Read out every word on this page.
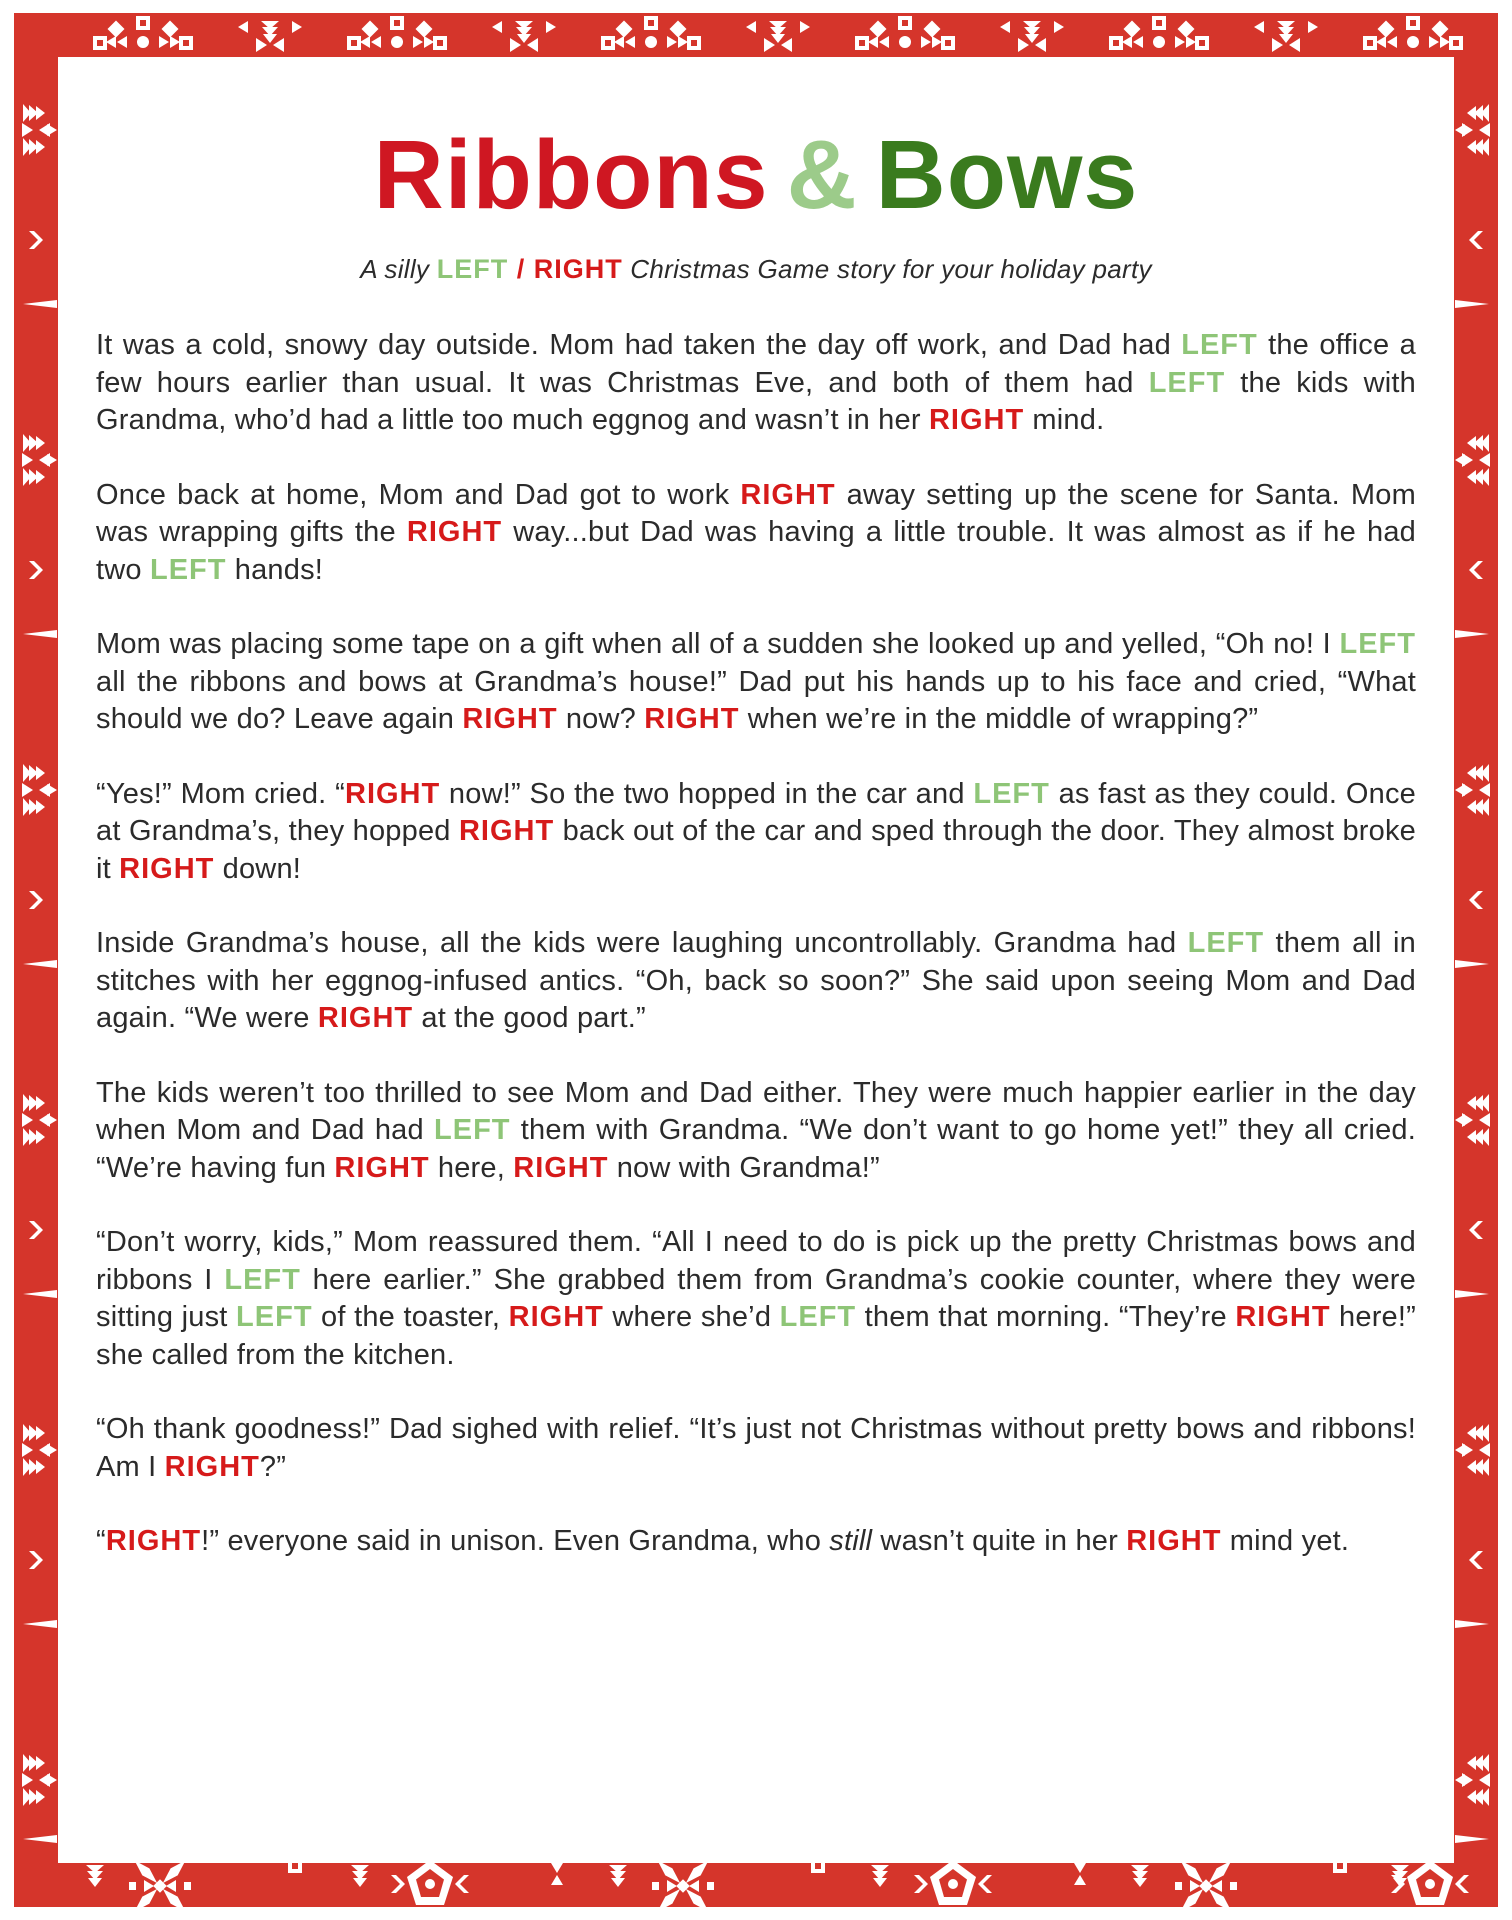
Ribbons & Bows

A silly LEFT / RIGHT Christmas Game story for your holiday party

It was a cold, snowy day outside. Mom had taken the day off work, and Dad had LEFT the office a few hours earlier than usual. It was Christmas Eve, and both of them had LEFT the kids with Grandma, who’d had a little too much eggnog and wasn’t in her RIGHT mind.

Once back at home, Mom and Dad got to work RIGHT away setting up the scene for Santa. Mom was wrapping gifts the RIGHT way...but Dad was having a little trouble. It was almost as if he had two LEFT hands!

Mom was placing some tape on a gift when all of a sudden she looked up and yelled, “Oh no! I LEFT all the ribbons and bows at Grandma’s house!” Dad put his hands up to his face and cried, “What should we do? Leave again RIGHT now? RIGHT when we’re in the middle of wrapping?”

“Yes!” Mom cried. “RIGHT now!” So the two hopped in the car and LEFT as fast as they could. Once at Grandma’s, they hopped RIGHT back out of the car and sped through the door. They almost broke it RIGHT down!

Inside Grandma’s house, all the kids were laughing uncontrollably. Grandma had LEFT them all in stitches with her eggnog-infused antics. “Oh, back so soon?” She said upon seeing Mom and Dad again. “We were RIGHT at the good part.”

The kids weren’t too thrilled to see Mom and Dad either. They were much happier earlier in the day when Mom and Dad had LEFT them with Grandma. “We don’t want to go home yet!” they all cried. “We’re having fun RIGHT here, RIGHT now with Grandma!”

“Don’t worry, kids,” Mom reassured them. “All I need to do is pick up the pretty Christmas bows and ribbons I LEFT here earlier.” She grabbed them from Grandma’s cookie counter, where they were sitting just LEFT of the toaster, RIGHT where she’d LEFT them that morning. “They’re RIGHT here!” she called from the kitchen.

“Oh thank goodness!” Dad sighed with relief. “It’s just not Christmas without pretty bows and ribbons! Am I RIGHT?”

“RIGHT!” everyone said in unison. Even Grandma, who still wasn’t quite in her RIGHT mind yet.
